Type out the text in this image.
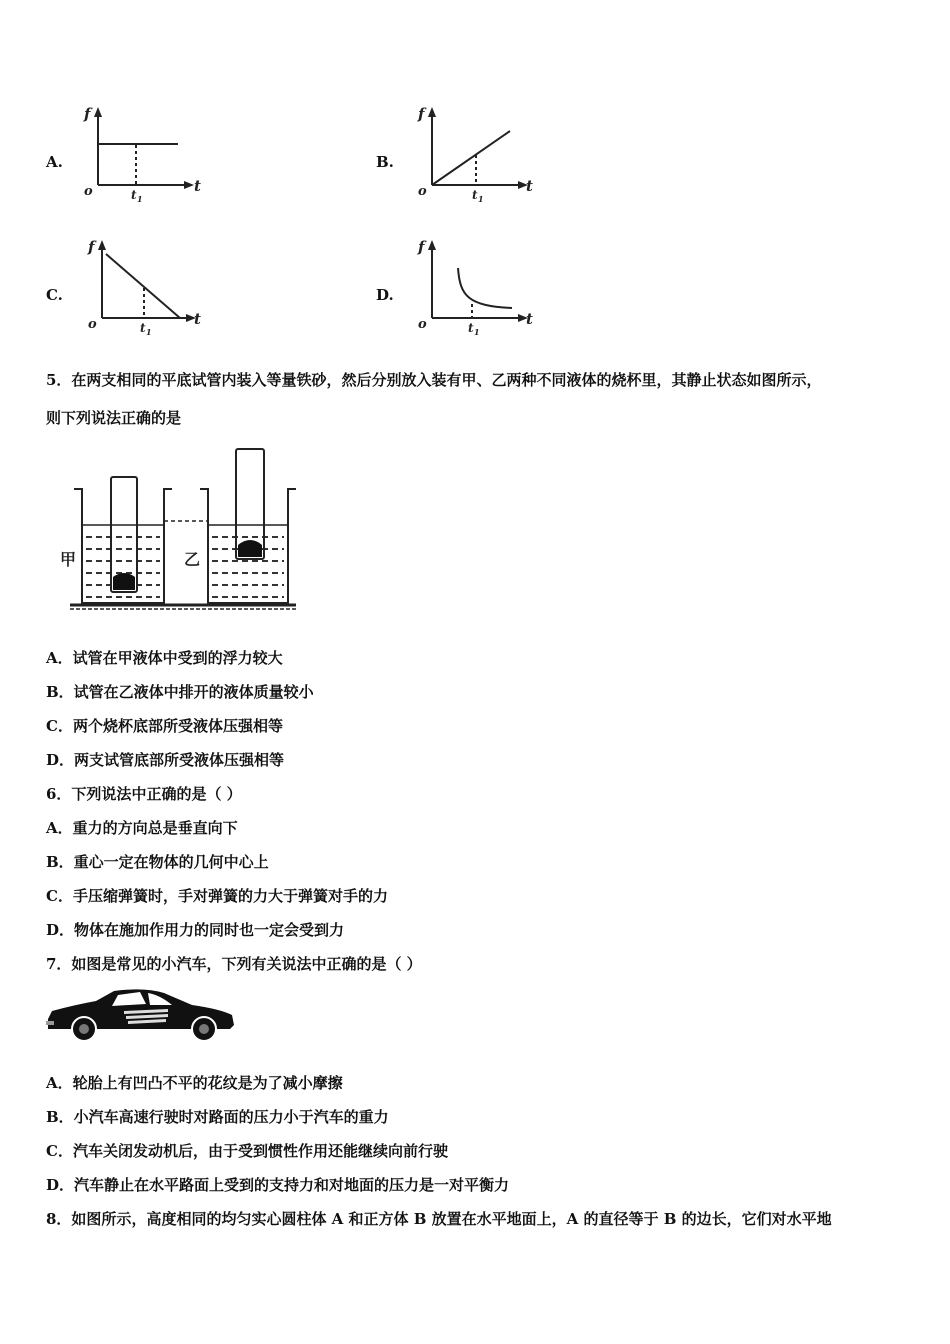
A.
f
t
o	t 1
B.
f
t
o	t 1
C.
f
t
o	t 1
D.
f
t
o	t 1
5．在两支相同的平底试管内装入等量铁砂，然后分别放入装有甲、乙两种不同液体的烧杯里，其静止状态如图所示，
则下列说法正确的是
甲	乙
A．试管在甲液体中受到的浮力较大
B．试管在乙液体中排开的液体质量较小
C．两个烧杯底部所受液体压强相等
D．两支试管底部所受液体压强相等
6．下列说法中正确的是（ ）
A．重力的方向总是垂直向下
B．重心一定在物体的几何中心上
C．手压缩弹簧时，手对弹簧的力大于弹簧对手的力
D．物体在施加作用力的同时也一定会受到力
7．如图是常见的小汽车，下列有关说法中正确的是（ ）
A．轮胎上有凹凸不平的花纹是为了减小摩擦
B．小汽车高速行驶时对路面的压力小于汽车的重力
C．汽车关闭发动机后，由于受到惯性作用还能继续向前行驶
D．汽车静止在水平路面上受到的支持力和对地面的压力是一对平衡力
8．如图所示，高度相同的均匀实心圆柱体 A 和正方体 B 放置在水平地面上，A 的直径等于 B 的边长，它们对水平地
